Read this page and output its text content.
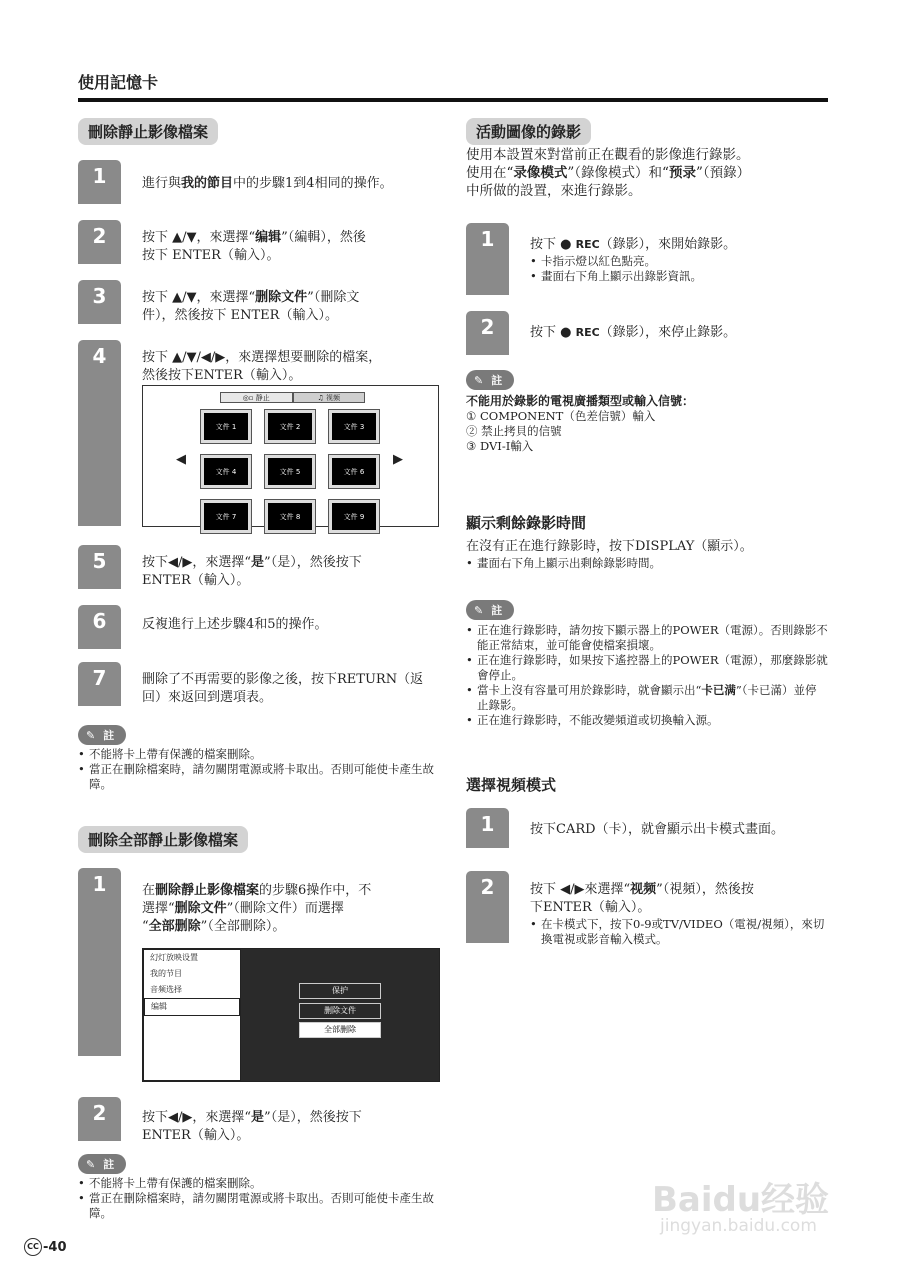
使用記憶卡
刪除靜止影像檔案
1	進行與我的節目中的步驟1到4相同的操作。
2	按下 ▲/▼，來選擇“编辑”（編輯），然後
按下 ENTER（輸入）。
3	按下 ▲/▼，來選擇“删除文件”（刪除文
件），然後按下 ENTER（輸入）。
4	按下 ▲/▼/◀/▶，來選擇想要刪除的檔案，
然後按下ENTER（輸入）。
◎▫ 静止	♫ 视频
文件 1	文件 2	文件 3
文件 4	文件 5	文件 6
文件 7	文件 8	文件 9
◀	▶
5	按下◀/▶，來選擇“是”（是），然後按下
ENTER（輸入）。
6	反複進行上述步驟4和5的操作。
7	刪除了不再需要的影像之後，按下RETURN（返
回）來返回到選項表。
✎ 註
• 不能將卡上帶有保護的檔案刪除。
• 當正在刪除檔案時，請勿關閉電源或將卡取出。否則可能使卡產生故障。
刪除全部靜止影像檔案
1	在刪除靜止影像檔案的步驟6操作中，不
選擇“删除文件”（刪除文件）而選擇
“全部删除”（全部刪除）。
幻灯放映设置
我的节目
音频选择
编辑
保护
删除文件
全部删除
2	按下◀/▶，來選擇“是”（是），然後按下
ENTER（輸入）。
✎ 註
• 不能將卡上帶有保護的檔案刪除。
• 當正在刪除檔案時，請勿關閉電源或將卡取出。否則可能使卡產生故障。
活動圖像的錄影
使用本設置來對當前正在觀看的影像進行錄影。
使用在“录像模式”（錄像模式）和“预录”（預錄）
中所做的設置，來進行錄影。
1	按下 ● REC（錄影），來開始錄影。
• 卡指示燈以紅色點亮。
• 畫面右下角上顯示出錄影資訊。
2	按下 ● REC（錄影），來停止錄影。
✎ 註
不能用於錄影的電視廣播類型或輸入信號：
① COMPONENT（色差信號）輸入
② 禁止拷貝的信號
③ DVI-I輸入
顯示剩餘錄影時間
在沒有正在進行錄影時，按下DISPLAY（顯示）。
• 畫面右下角上顯示出剩餘錄影時間。
✎ 註
• 正在進行錄影時，請勿按下顯示器上的POWER（電源）。否則錄影不能正常結束，並可能會使檔案損壞。
• 正在進行錄影時，如果按下遙控器上的POWER（電源），那麼錄影就會停止。
• 當卡上沒有容量可用於錄影時，就會顯示出“卡已满”（卡已滿）並停止錄影。
• 正在進行錄影時，不能改變頻道或切換輸入源。
選擇視頻模式
1	按下CARD（卡），就會顯示出卡模式畫面。
2	按下 ◀/▶來選擇“视频”（視頻），然後按
下ENTER（輸入）。
• 在卡模式下，按下0-9或TV/VIDEO（電視/視頻），來切換電視或影音輸入模式。
CC -40
Baidu经验
jingyan.baidu.com
